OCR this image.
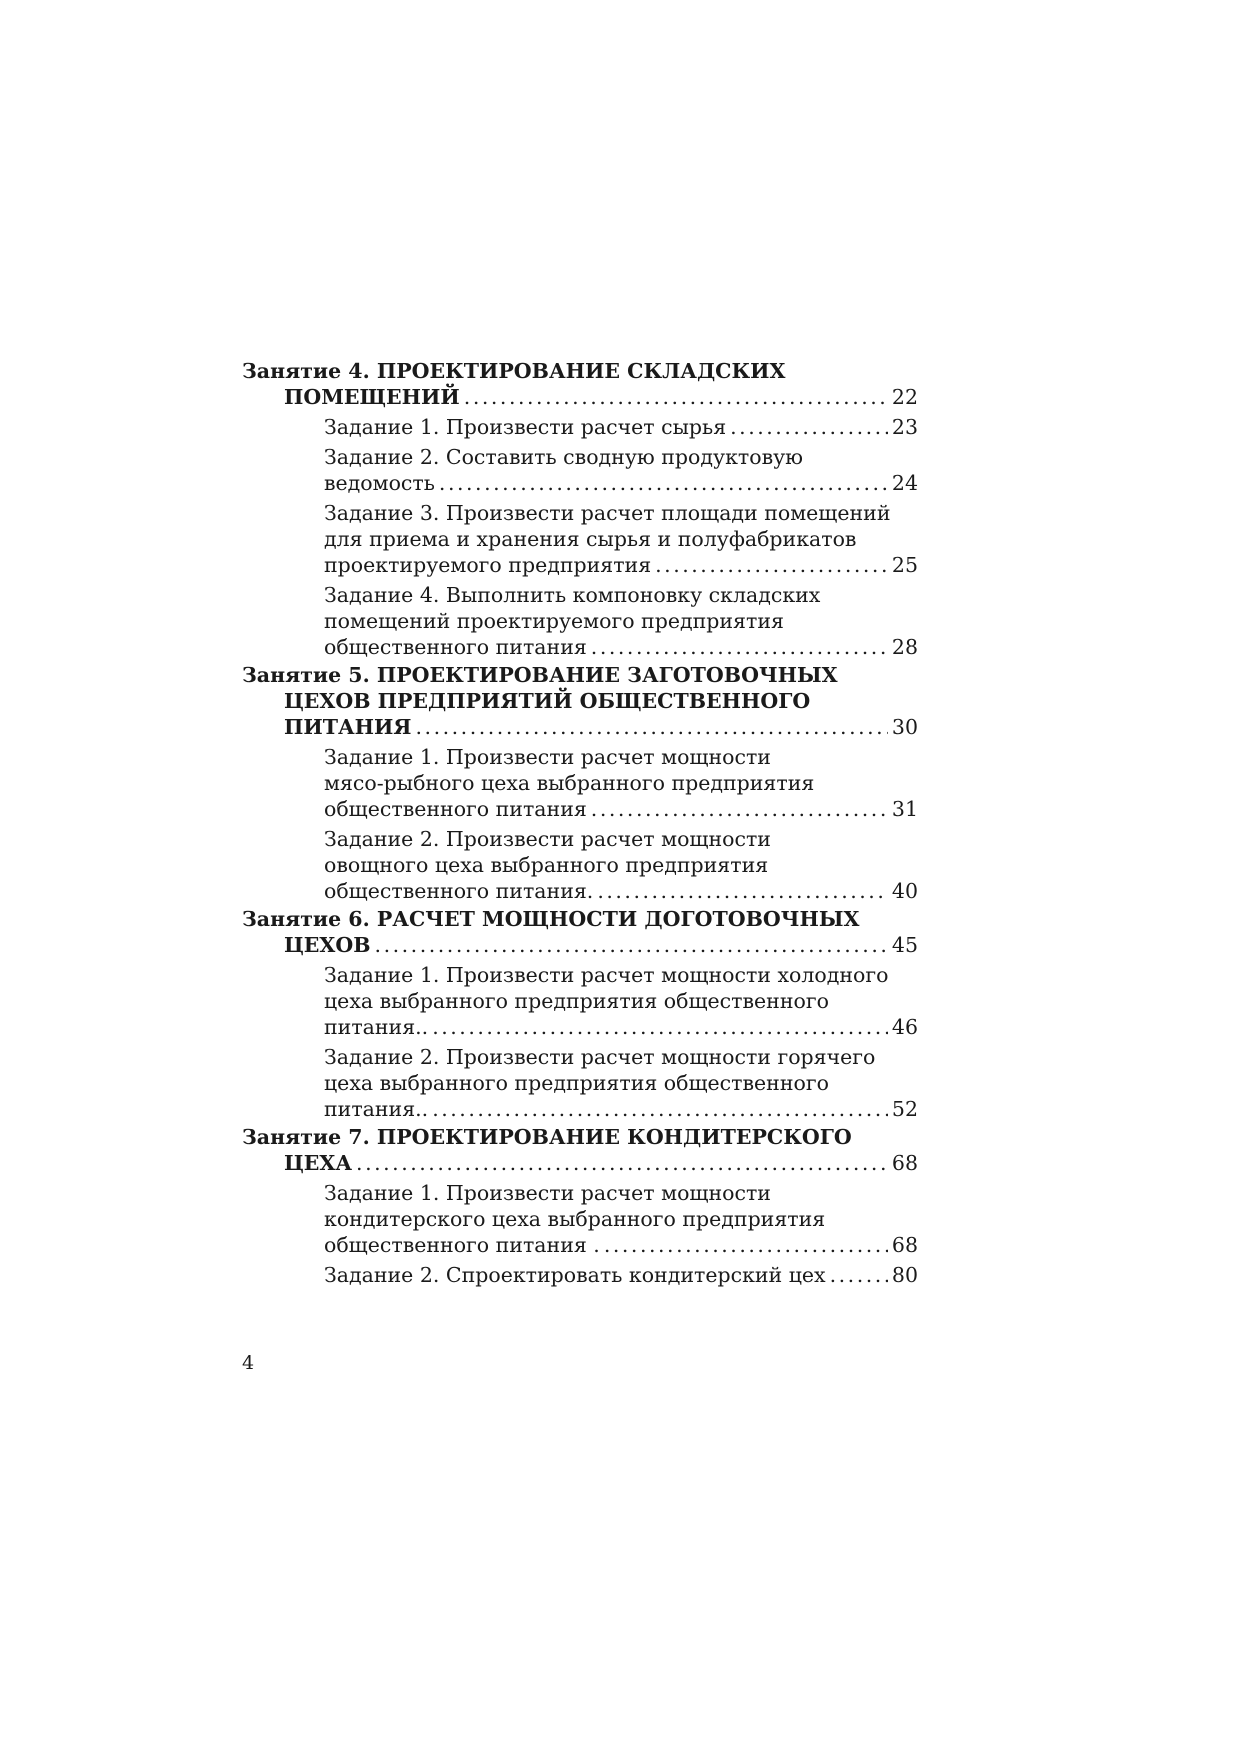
Занятие 4. ПРОЕКТИРОВАНИЕ СКЛАДСКИХ
ПОМЕЩЕНИЙ . . .	22
Задание 1. Произвести расчет сырья . . .	23
Задание 2. Составить сводную продуктовую
ведомость . . .	24
Задание 3. Произвести расчет площади помещений
для приема и хранения сырья и полуфабрикатов
проектируемого предприятия . . .	25
Задание 4. Выполнить компоновку складских
помещений проектируемого предприятия
общественного питания . . .	28
Занятие 5. ПРОЕКТИРОВАНИЕ ЗАГОТОВОЧНЫХ
ЦЕХОВ ПРЕДПРИЯТИЙ ОБЩЕСТВЕННОГО
ПИТАНИЯ . . .	30
Задание 1. Произвести расчет мощности
мясо-рыбного цеха выбранного предприятия
общественного питания . . .	31
Задание 2. Произвести расчет мощности
овощного цеха выбранного предприятия
общественного питания. . . .	40
Занятие 6. РАСЧЕТ МОЩНОСТИ ДОГОТОВОЧНЫХ
ЦЕХОВ . . .	45
Задание 1. Произвести расчет мощности холодного
цеха выбранного предприятия общественного
питания.. . . .	46
Задание 2. Произвести расчет мощности горячего
цеха выбранного предприятия общественного
питания.. . . .	52
Занятие 7. ПРОЕКТИРОВАНИЕ КОНДИТЕРСКОГО
ЦЕХА . . .	68
Задание 1. Произвести расчет мощности
кондитерского цеха выбранного предприятия
общественного питания . . . .	68
Задание 2. Спроектировать кондитерский цех . . .	80
4
